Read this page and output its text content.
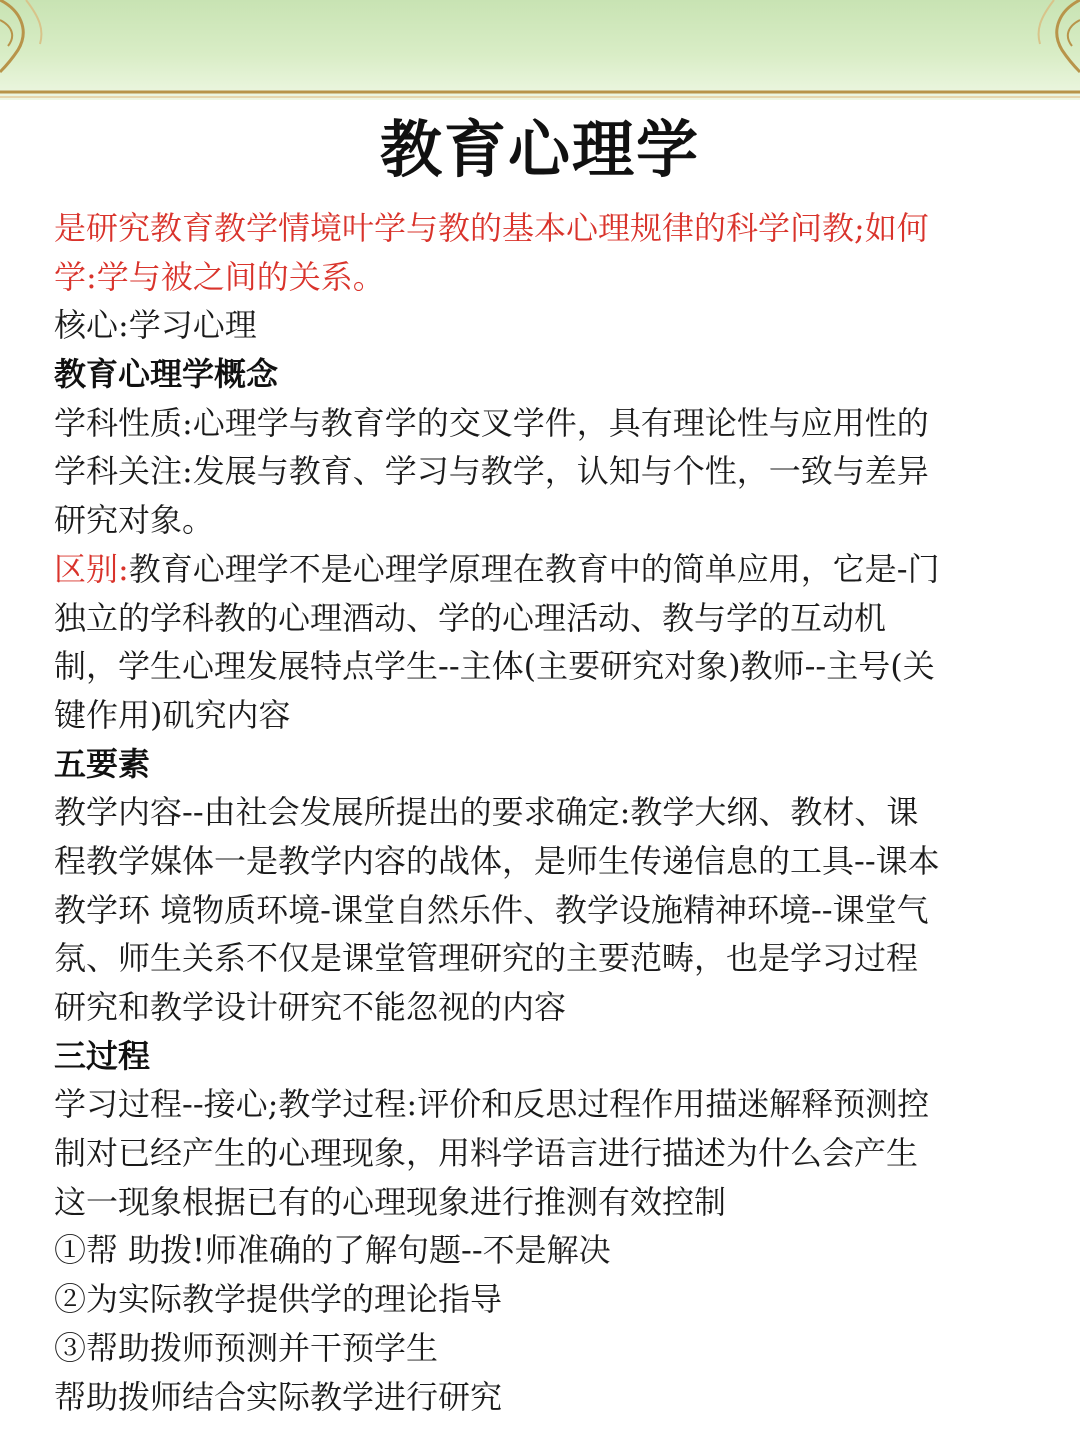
教育心理学
是研究教育教学情境叶学与教的基本心理规律的科学问教;如何
学:学与被之间的关系。
核心:学习心理
教育心理学概念
学科性质:心理学与教育学的交叉学件，具有理论性与应用性的
学科关注:发展与教育、学习与教学，认知与个性，一致与差异
研究对象。
区别:教育心理学不是心理学原理在教育中的简单应用，它是-门
独立的学科教的心理酒动、学的心理活动、教与学的互动机
制，学生心理发展特点学生--主体(主要研究对象)教师--主号(关
键作用)矶究内容
五要素
教学内容--由社会发展所提出的要求确定:教学大纲、教材、课
程教学媒体一是教学内容的战体，是师生传递信息的工具--课本
教学环 境物质环境-课堂自然乐件、教学设施精神环境--课堂气
氛、师生关系不仅是课堂管理研究的主要范畴，也是学习过程
研究和教学设计研究不能忽视的内容
三过程
学习过程--接心;教学过程:评价和反思过程作用描迷解释预测控
制对已经产生的心理现象，用料学语言进行描述为什么会产生
这一现象根据已有的心理现象进行推测有效控制
①帮 助拨!师准确的了解句题--不是解决
②为实际教学提供学的理论指导
③帮助拨师预测并干预学生
帮助拨师结合实际教学进行研究
